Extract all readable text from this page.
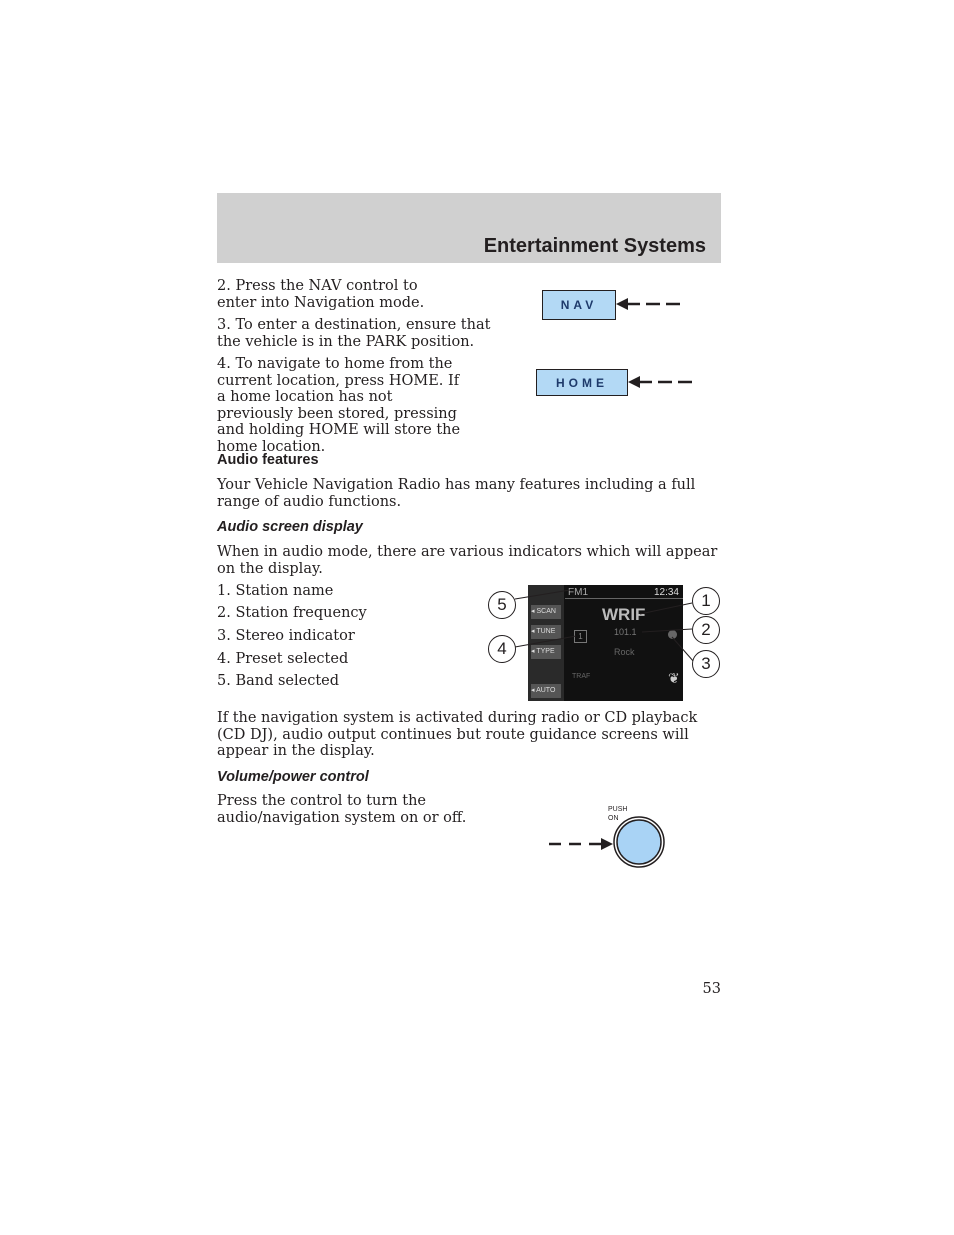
Entertainment Systems
2. Press the NAV control to enter into Navigation mode.
3. To enter a destination, ensure that the vehicle is in the PARK position.
4. To navigate to home from the current location, press HOME. If a home location has not previously been stored, pressing and holding HOME will store the home location.
NAV
HOME
Audio features
Your Vehicle Navigation Radio has many features including a full range of audio functions.
Audio screen display
When in audio mode, there are various indicators which will appear on the display.
1. Station name
2. Station frequency
3. Stereo indicator
4. Preset selected
5. Band selected
◂ SCAN
◂ TUNE
◂ TYPE
◂ AUTO
FM1	12:34
WRIF
101.1
Rock
1
TRAF	❦
5
4
1
2
3
If the navigation system is activated during radio or CD playback (CD DJ), audio output continues but route guidance screens will appear in the display.
Volume/power control
Press the control to turn the audio/navigation system on or off.	PUSH
ON
53
